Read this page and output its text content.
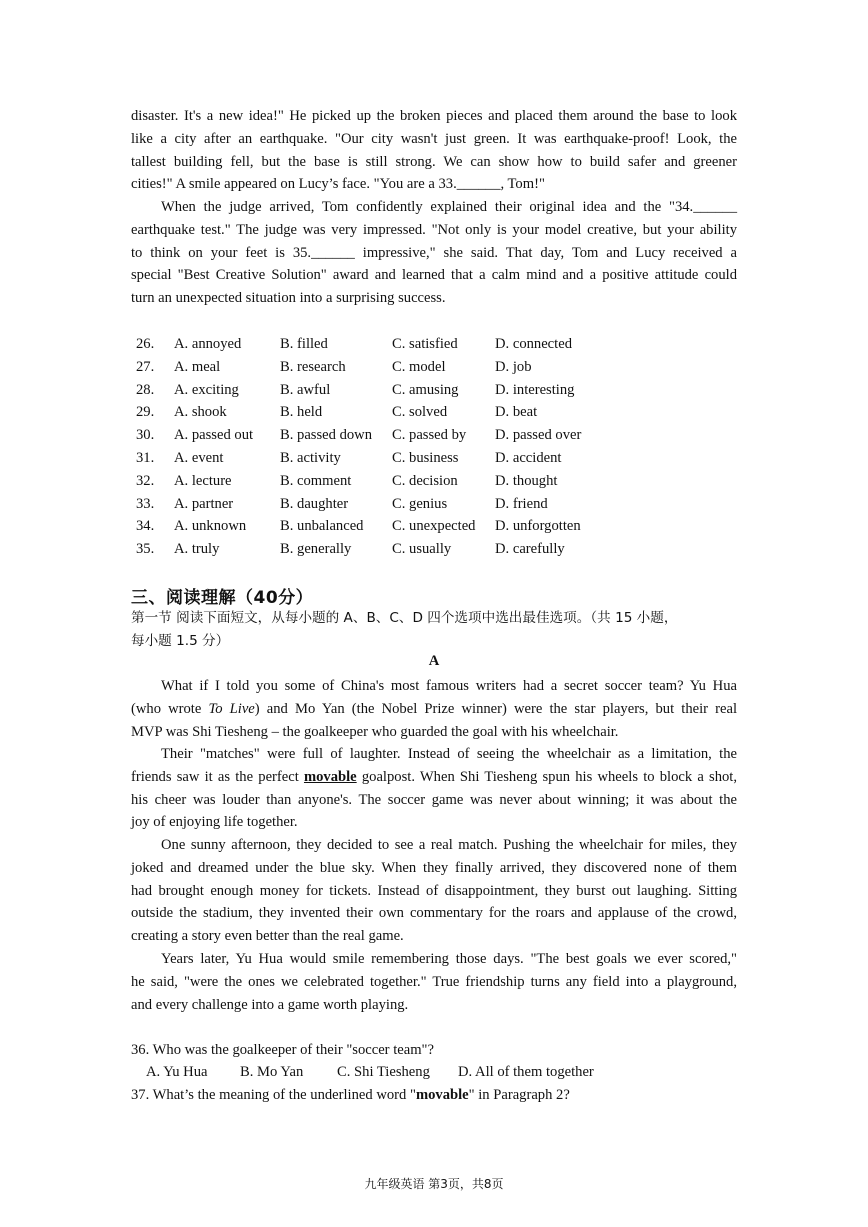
disaster. It's a new idea!" He picked up the broken pieces and placed them around the base to look
like a city after an earthquake. "Our city wasn't just green. It was earthquake-proof! Look, the
tallest building fell, but the base is still strong. We can show how to build safer and greener
cities!" A smile appeared on Lucy’s face. "You are a 33.______, Tom!"
When the judge arrived, Tom confidently explained their original idea and the "34.______
earthquake test." The judge was very impressed. "Not only is your model creative, but your ability
to think on your feet is 35.______ impressive," she said. That day, Tom and Lucy received a
special "Best Creative Solution" award and learned that a calm mind and a positive attitude could
turn an unexpected situation into a surprising success.
26. A. annoyed	B. filled	C. satisfied	D. connected
27. A. meal	B. research	C. model	D. job
28. A. exciting	B. awful	C. amusing	D. interesting
29. A. shook	B. held	C. solved	D. beat
30. A. passed out B. passed down C. passed by D. passed over
31. A. event	B. activity	C. business	D. accident
32. A. lecture	B. comment	C. decision	D. thought
33. A. partner	B. daughter	C. genius	D. friend
34. A. unknown B. unbalanced C. unexpected D. unforgotten
35. A. truly	B. generally	C. usually	D. carefully
三、阅读理解（40分）
第一节 阅读下面短文，从每小题的 A、B、C、D 四个选项中选出最佳选项。（共 15 小题，
每小题 1.5 分）
A
What if I told you some of China's most famous writers had a secret soccer team? Yu Hua
(who wrote To Live) and Mo Yan (the Nobel Prize winner) were the star players, but their real
MVP was Shi Tiesheng – the goalkeeper who guarded the goal with his wheelchair.
Their "matches" were full of laughter. Instead of seeing the wheelchair as a limitation, the
friends saw it as the perfect movable goalpost. When Shi Tiesheng spun his wheels to block a shot,
his cheer was louder than anyone's. The soccer game was never about winning; it was about the
joy of enjoying life together.
One sunny afternoon, they decided to see a real match. Pushing the wheelchair for miles, they
joked and dreamed under the blue sky. When they finally arrived, they discovered none of them
had brought enough money for tickets. Instead of disappointment, they burst out laughing. Sitting
outside the stadium, they invented their own commentary for the roars and applause of the crowd,
creating a story even better than the real game.
Years later, Yu Hua would smile remembering those days. "The best goals we ever scored,"
he said, "were the ones we celebrated together." True friendship turns any field into a playground,
and every challenge into a game worth playing.
36. Who was the goalkeeper of their "soccer team"?
A. Yu Hua B. Mo Yan C. Shi Tiesheng D. All of them together
37. What’s the meaning of the underlined word "movable" in Paragraph 2?
九年级英语 第3页，共8页
